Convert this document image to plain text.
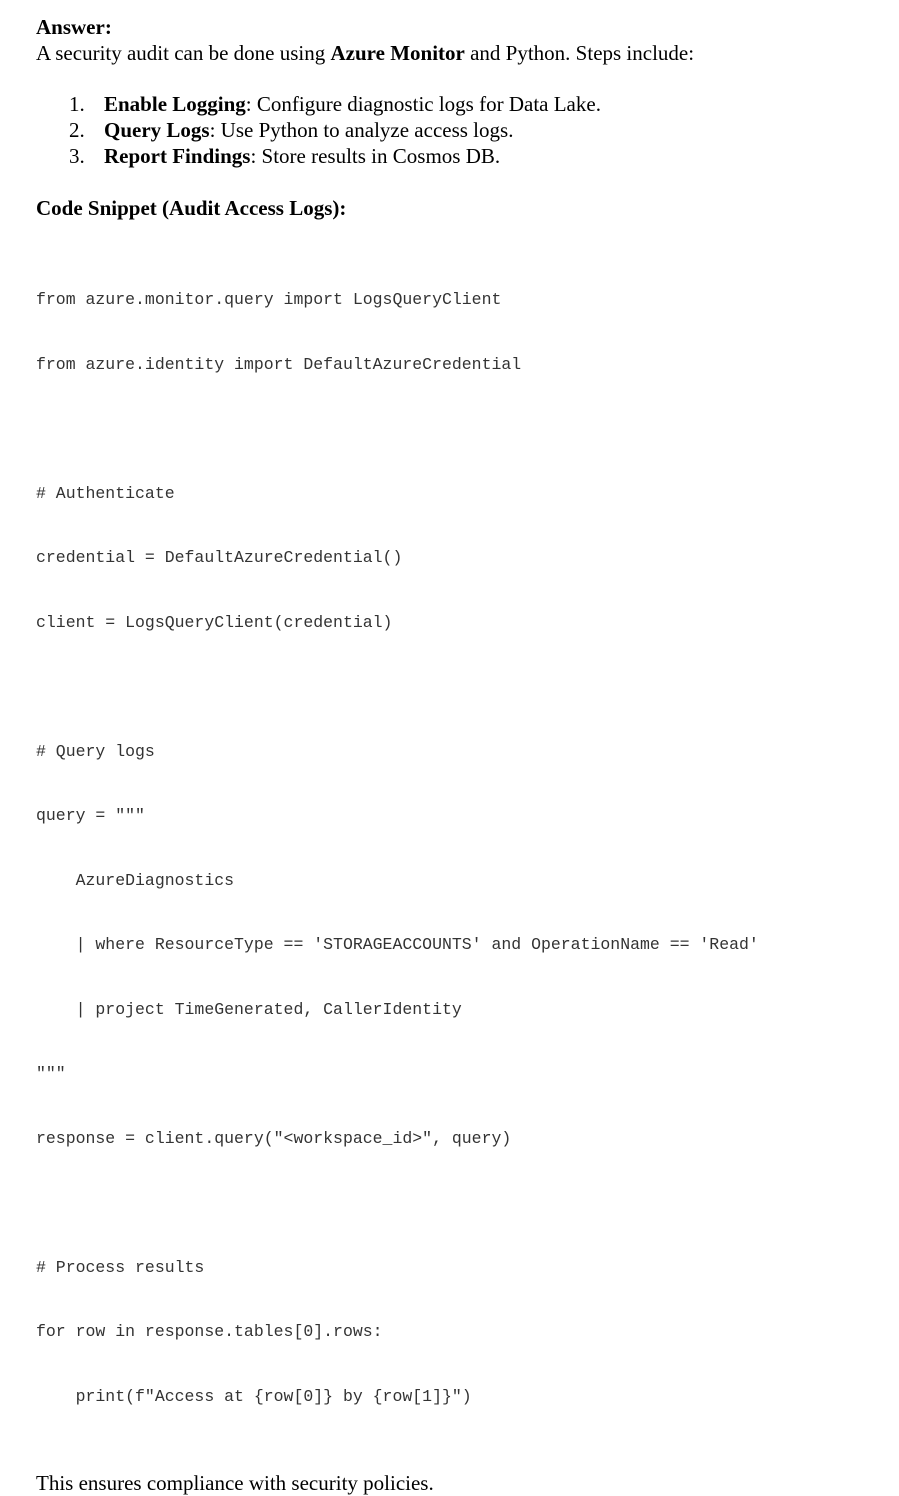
Answer:

A security audit can be done using Azure Monitor and Python. Steps include:

1. Enable Logging: Configure diagnostic logs for Data Lake.
2. Query Logs: Use Python to analyze access logs.
3. Report Findings: Store results in Cosmos DB.

Code Snippet (Audit Access Logs):

from azure.monitor.query import LogsQueryClient

from azure.identity import DefaultAzureCredential

# Authenticate

credential = DefaultAzureCredential()

client = LogsQueryClient(credential)

# Query logs

query = """

AzureDiagnostics

| where ResourceType == 'STORAGEACCOUNTS' and OperationName == 'Read'

| project TimeGenerated, CallerIdentity

"""

response = client.query("<workspace_id>", query)

# Process results

for row in response.tables[0].rows:

print(f"Access at {row[0]} by {row[1]}")

This ensures compliance with security policies.
